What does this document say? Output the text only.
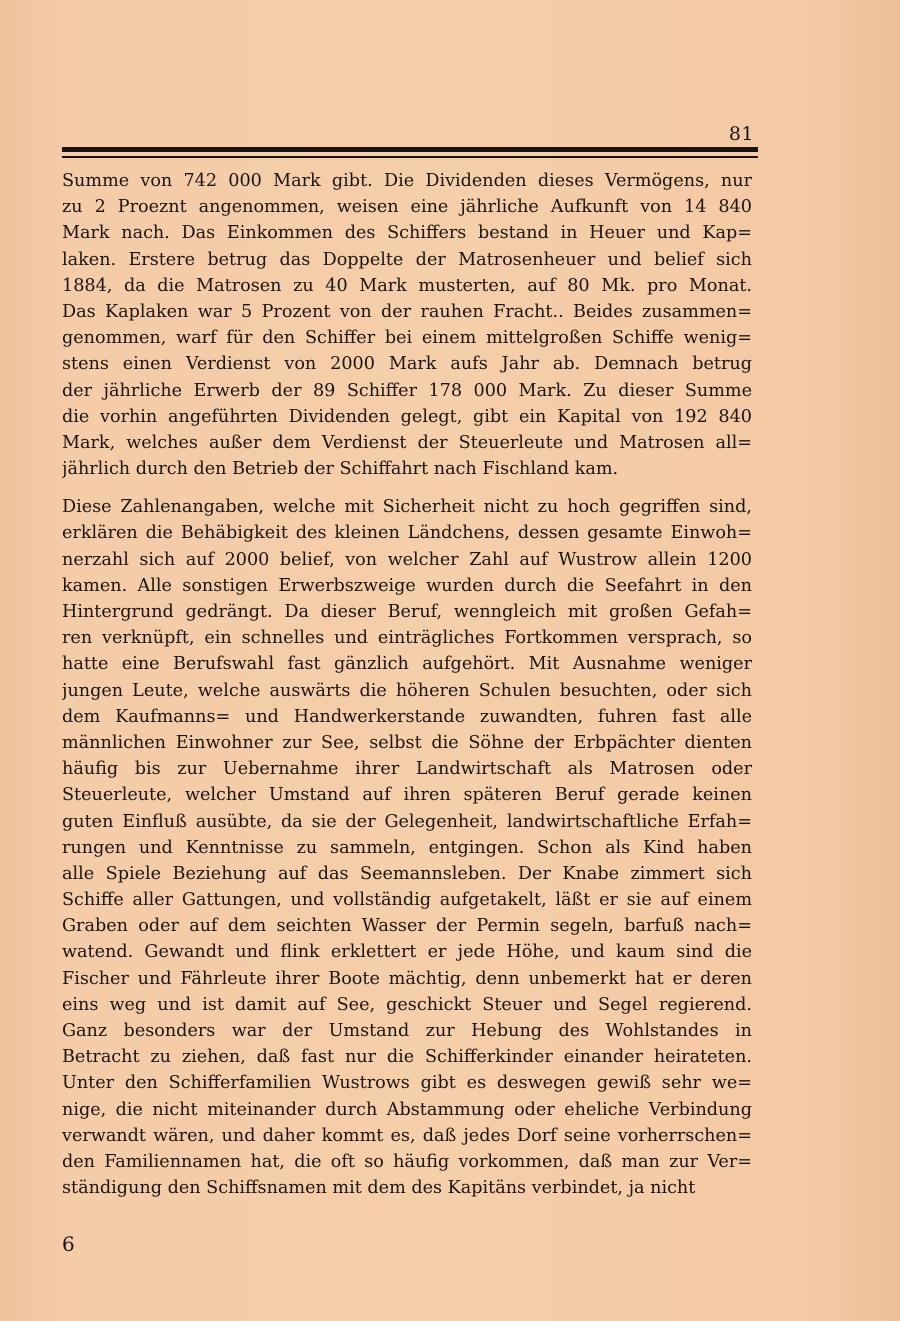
81
Summe von 742 000 Mark gibt. Die Dividenden dieses Vermögens, nur
zu 2 Proeznt angenommen, weisen eine jährliche Aufkunft von 14 840
Mark nach. Das Einkommen des Schiffers bestand in Heuer und Kap=
laken. Erstere betrug das Doppelte der Matrosenheuer und belief sich
1884, da die Matrosen zu 40 Mark musterten, auf 80 Mk. pro Monat.
Das Kaplaken war 5 Prozent von der rauhen Fracht.. Beides zusammen=
genommen, warf für den Schiffer bei einem mittelgroßen Schiffe wenig=
stens einen Verdienst von 2000 Mark aufs Jahr ab. Demnach betrug
der jährliche Erwerb der 89 Schiffer 178 000 Mark. Zu dieser Summe
die vorhin angeführten Dividenden gelegt, gibt ein Kapital von 192 840
Mark, welches außer dem Verdienst der Steuerleute und Matrosen all=
jährlich durch den Betrieb der Schiffahrt nach Fischland kam.
Diese Zahlenangaben, welche mit Sicherheit nicht zu hoch gegriffen sind,
erklären die Behäbigkeit des kleinen Ländchens, dessen gesamte Einwoh=
nerzahl sich auf 2000 belief, von welcher Zahl auf Wustrow allein 1200
kamen. Alle sonstigen Erwerbszweige wurden durch die Seefahrt in den
Hintergrund gedrängt. Da dieser Beruf, wenngleich mit großen Gefah=
ren verknüpft, ein schnelles und einträgliches Fortkommen versprach, so
hatte eine Berufswahl fast gänzlich aufgehört. Mit Ausnahme weniger
jungen Leute, welche auswärts die höheren Schulen besuchten, oder sich
dem Kaufmanns= und Handwerkerstande zuwandten, fuhren fast alle
männlichen Einwohner zur See, selbst die Söhne der Erbpächter dienten
häufig bis zur Uebernahme ihrer Landwirtschaft als Matrosen oder
Steuerleute, welcher Umstand auf ihren späteren Beruf gerade keinen
guten Einfluß ausübte, da sie der Gelegenheit, landwirtschaftliche Erfah=
rungen und Kenntnisse zu sammeln, entgingen. Schon als Kind haben
alle Spiele Beziehung auf das Seemannsleben. Der Knabe zimmert sich
Schiffe aller Gattungen, und vollständig aufgetakelt, läßt er sie auf einem
Graben oder auf dem seichten Wasser der Permin segeln, barfuß nach=
watend. Gewandt und flink erklettert er jede Höhe, und kaum sind die
Fischer und Fährleute ihrer Boote mächtig, denn unbemerkt hat er deren
eins weg und ist damit auf See, geschickt Steuer und Segel regierend.
Ganz besonders war der Umstand zur Hebung des Wohlstandes in
Betracht zu ziehen, daß fast nur die Schifferkinder einander heirateten.
Unter den Schifferfamilien Wustrows gibt es deswegen gewiß sehr we=
nige, die nicht miteinander durch Abstammung oder eheliche Verbindung
verwandt wären, und daher kommt es, daß jedes Dorf seine vorherrschen=
den Familiennamen hat, die oft so häufig vorkommen, daß man zur Ver=
ständigung den Schiffsnamen mit dem des Kapitäns verbindet, ja nicht
6
